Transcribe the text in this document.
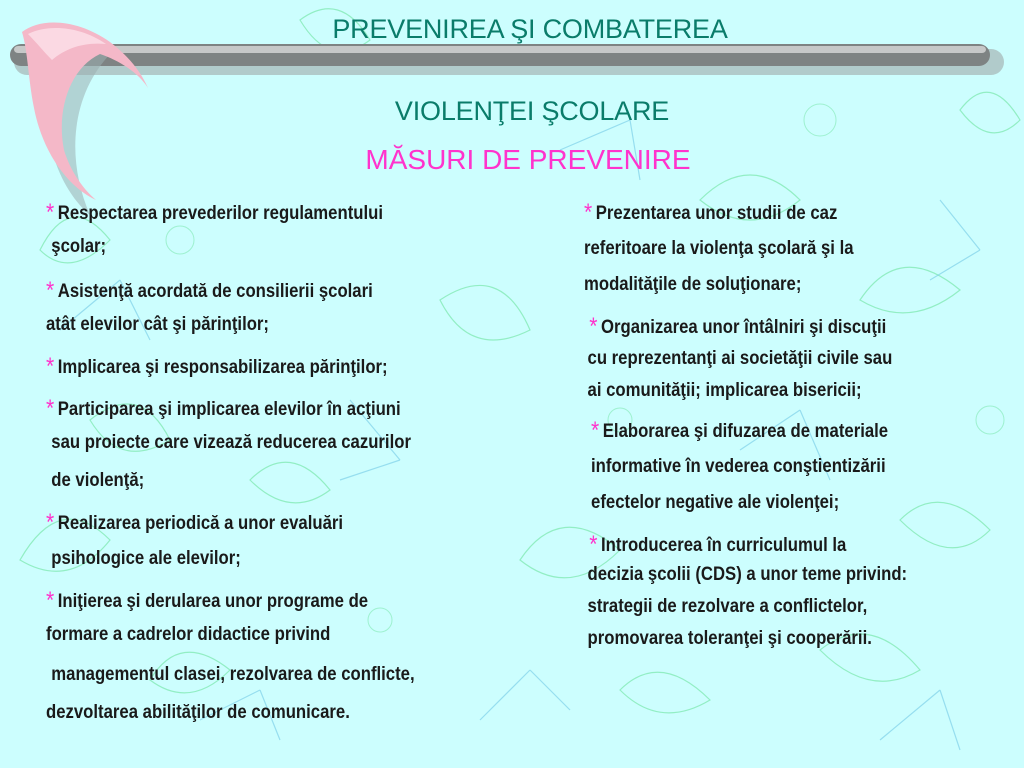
PREVENIREA ŞI COMBATEREA
VIOLENŢEI ŞCOLARE
MĂSURI DE PREVENIRE
* Respectarea prevederilor regulamentului
şcolar;
* Asistenţă acordată de consilierii şcolari
atât elevilor cât şi părinţilor;
* Implicarea şi responsabilizarea părinţilor;
* Participarea şi implicarea elevilor în acţiuni
sau proiecte care vizează reducerea cazurilor
de violenţă;
* Realizarea periodică a unor evaluări
psihologice ale elevilor;
* Iniţierea şi derularea unor programe de
formare a cadrelor didactice privind
managementul clasei, rezolvarea de conflicte,
dezvoltarea abilităţilor de comunicare.
* Prezentarea unor studii de caz
referitoare la violenţa şcolară şi la
modalităţile de soluţionare;
* Organizarea unor întâlniri şi discuţii
cu reprezentanţi ai societăţii civile sau
ai comunităţii; implicarea bisericii;
* Elaborarea şi difuzarea de materiale
informative în vederea conştientizării
efectelor negative ale violenţei;
* Introducerea în curriculumul la
decizia şcolii (CDS) a unor teme privind:
strategii de rezolvare a conflictelor,
promovarea toleranţei şi cooperării.
